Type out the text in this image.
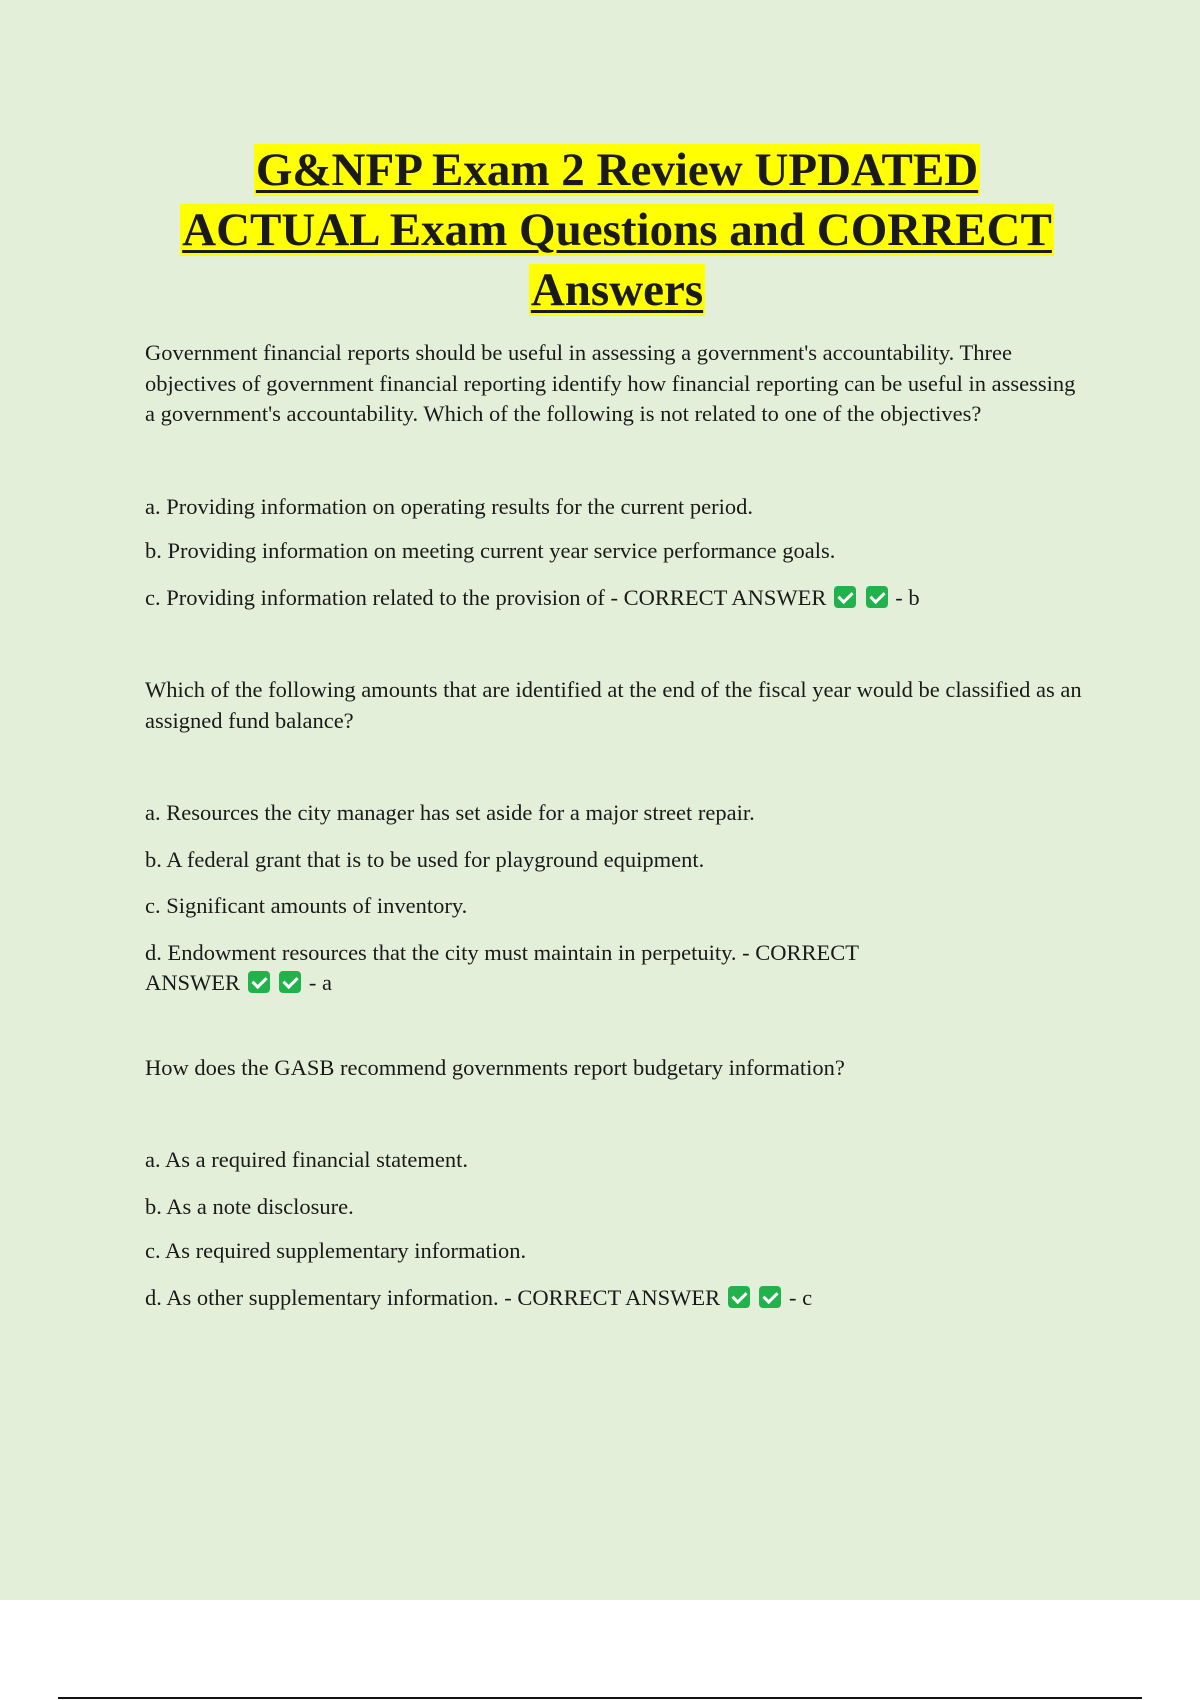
G&NFP Exam 2 Review UPDATED
ACTUAL Exam Questions and CORRECT
Answers

Government financial reports should be useful in assessing a government's accountability. Three objectives of government financial reporting identify how financial reporting can be useful in assessing a government's accountability. Which of the following is not related to one of the objectives?

a. Providing information on operating results for the current period.

b. Providing information on meeting current year service performance goals.

c. Providing information related to the provision of - CORRECT ANSWER	- b

Which of the following amounts that are identified at the end of the fiscal year would be classified as an assigned fund balance?

a. Resources the city manager has set aside for a major street repair.

b. A federal grant that is to be used for playground equipment.

c. Significant amounts of inventory.

d. Endowment resources that the city must maintain in perpetuity. - CORRECT ANSWER	- a

How does the GASB recommend governments report budgetary information?

a. As a required financial statement.

b. As a note disclosure.

c. As required supplementary information.

d. As other supplementary information. - CORRECT ANSWER	- c
